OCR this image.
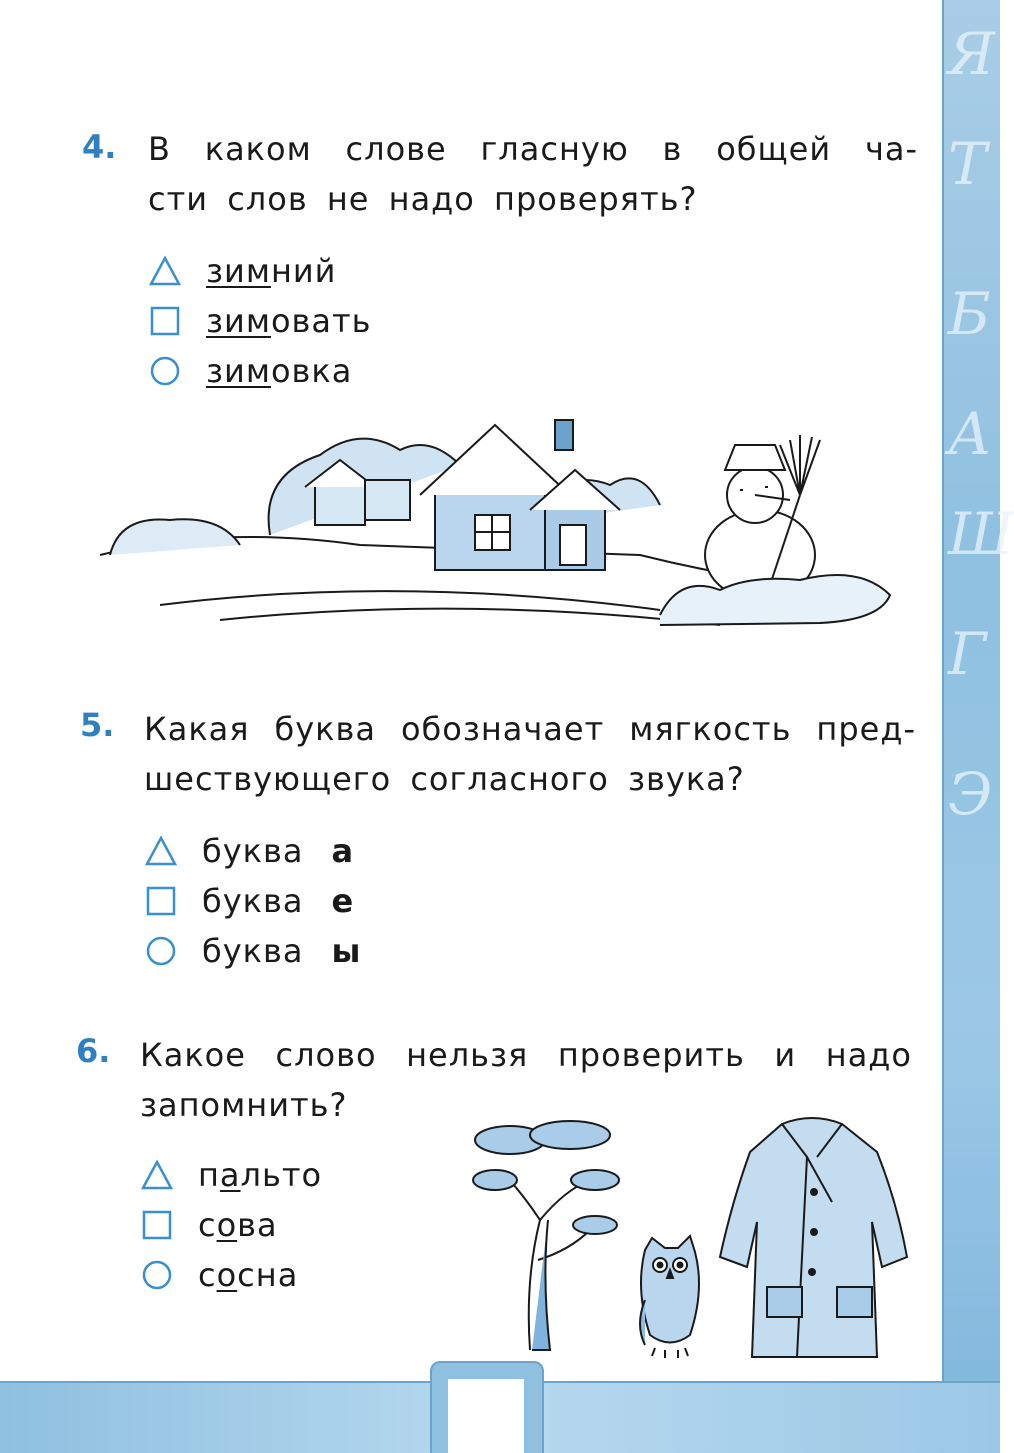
Я
Т
Б
А
Ш
Г
Э
4. В каком слове гласную в общей ча-
сти слов не надо проверять?
зимний
зимовать
зимовка
5. Какая буква обозначает мягкость пред-
шествующего согласного звука?
буква а
буква е
буква ы
6. Какое слово нельзя проверить и надо
запомнить?
пальто
сова
сосна
